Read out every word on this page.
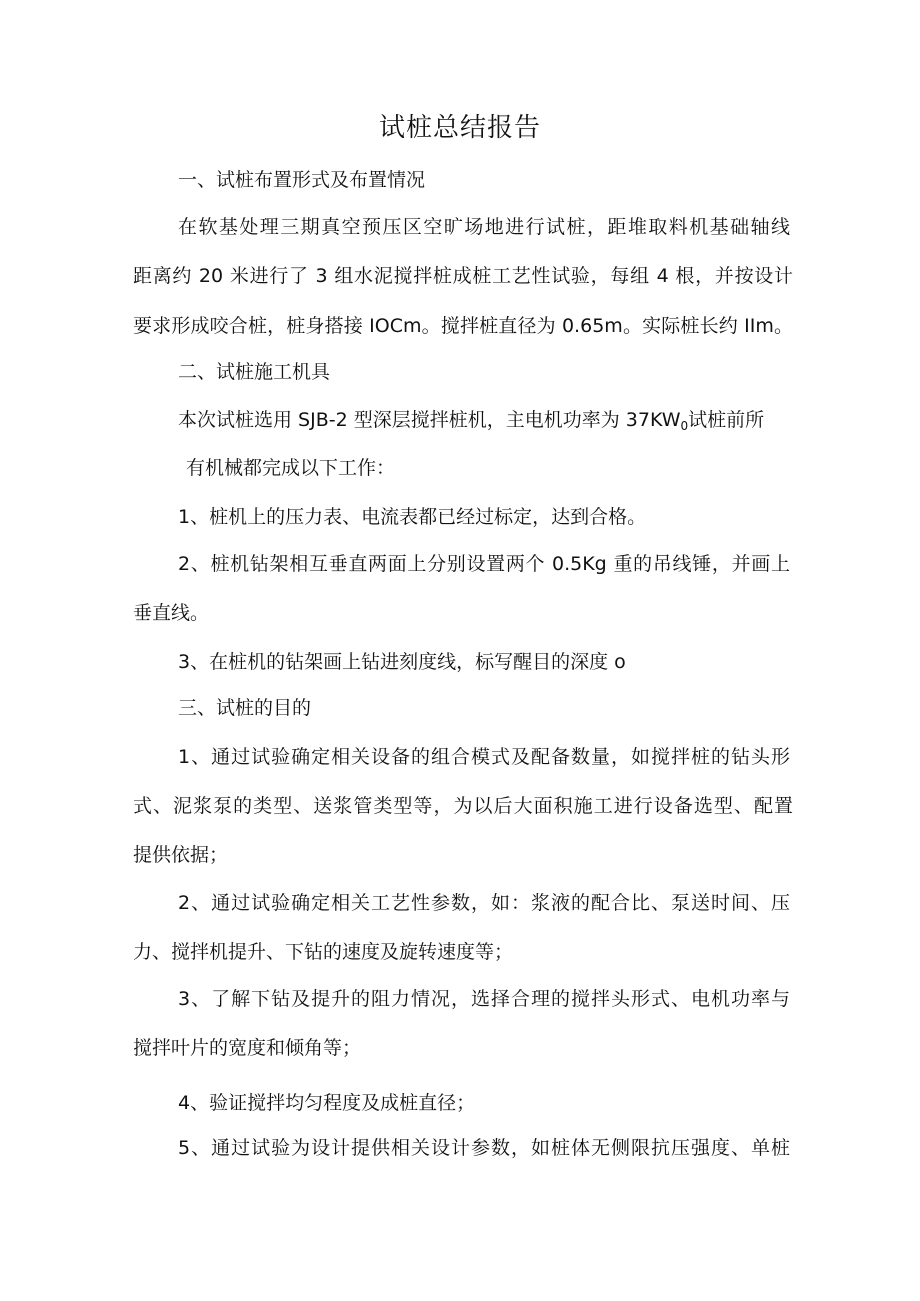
试桩总结报告
一、试桩布置形式及布置情况
在软基处理三期真空预压区空旷场地进行试桩，距堆取料机基础轴线
距离约 20 米进行了 3 组水泥搅拌桩成桩工艺性试验，每组 4 根，并按设计
要求形成咬合桩，桩身搭接 IOCm。搅拌桩直径为 0.65m。实际桩长约 IIm。
二、试桩施工机具
本次试桩选用 SJB-2 型深层搅拌桩机，主电机功率为 $37KW_0$试桩前所
有机械都完成以下工作：
1、桩机上的压力表、电流表都已经过标定，达到合格。
2、桩机钻架相互垂直两面上分别设置两个 0.5Kg 重的吊线锤，并画上
垂直线。
3、在桩机的钻架画上钻进刻度线，标写醒目的深度 o
三、试桩的目的
1、通过试验确定相关设备的组合模式及配备数量，如搅拌桩的钻头形
式、泥浆泵的类型、送浆管类型等，为以后大面积施工进行设备选型、配置
提供依据；
2、通过试验确定相关工艺性参数，如：浆液的配合比、泵送时间、压
力、搅拌机提升、下钻的速度及旋转速度等；
3、了解下钻及提升的阻力情况，选择合理的搅拌头形式、电机功率与
搅拌叶片的宽度和倾角等；
4、验证搅拌均匀程度及成桩直径；
5、通过试验为设计提供相关设计参数，如桩体无侧限抗压强度、单桩
